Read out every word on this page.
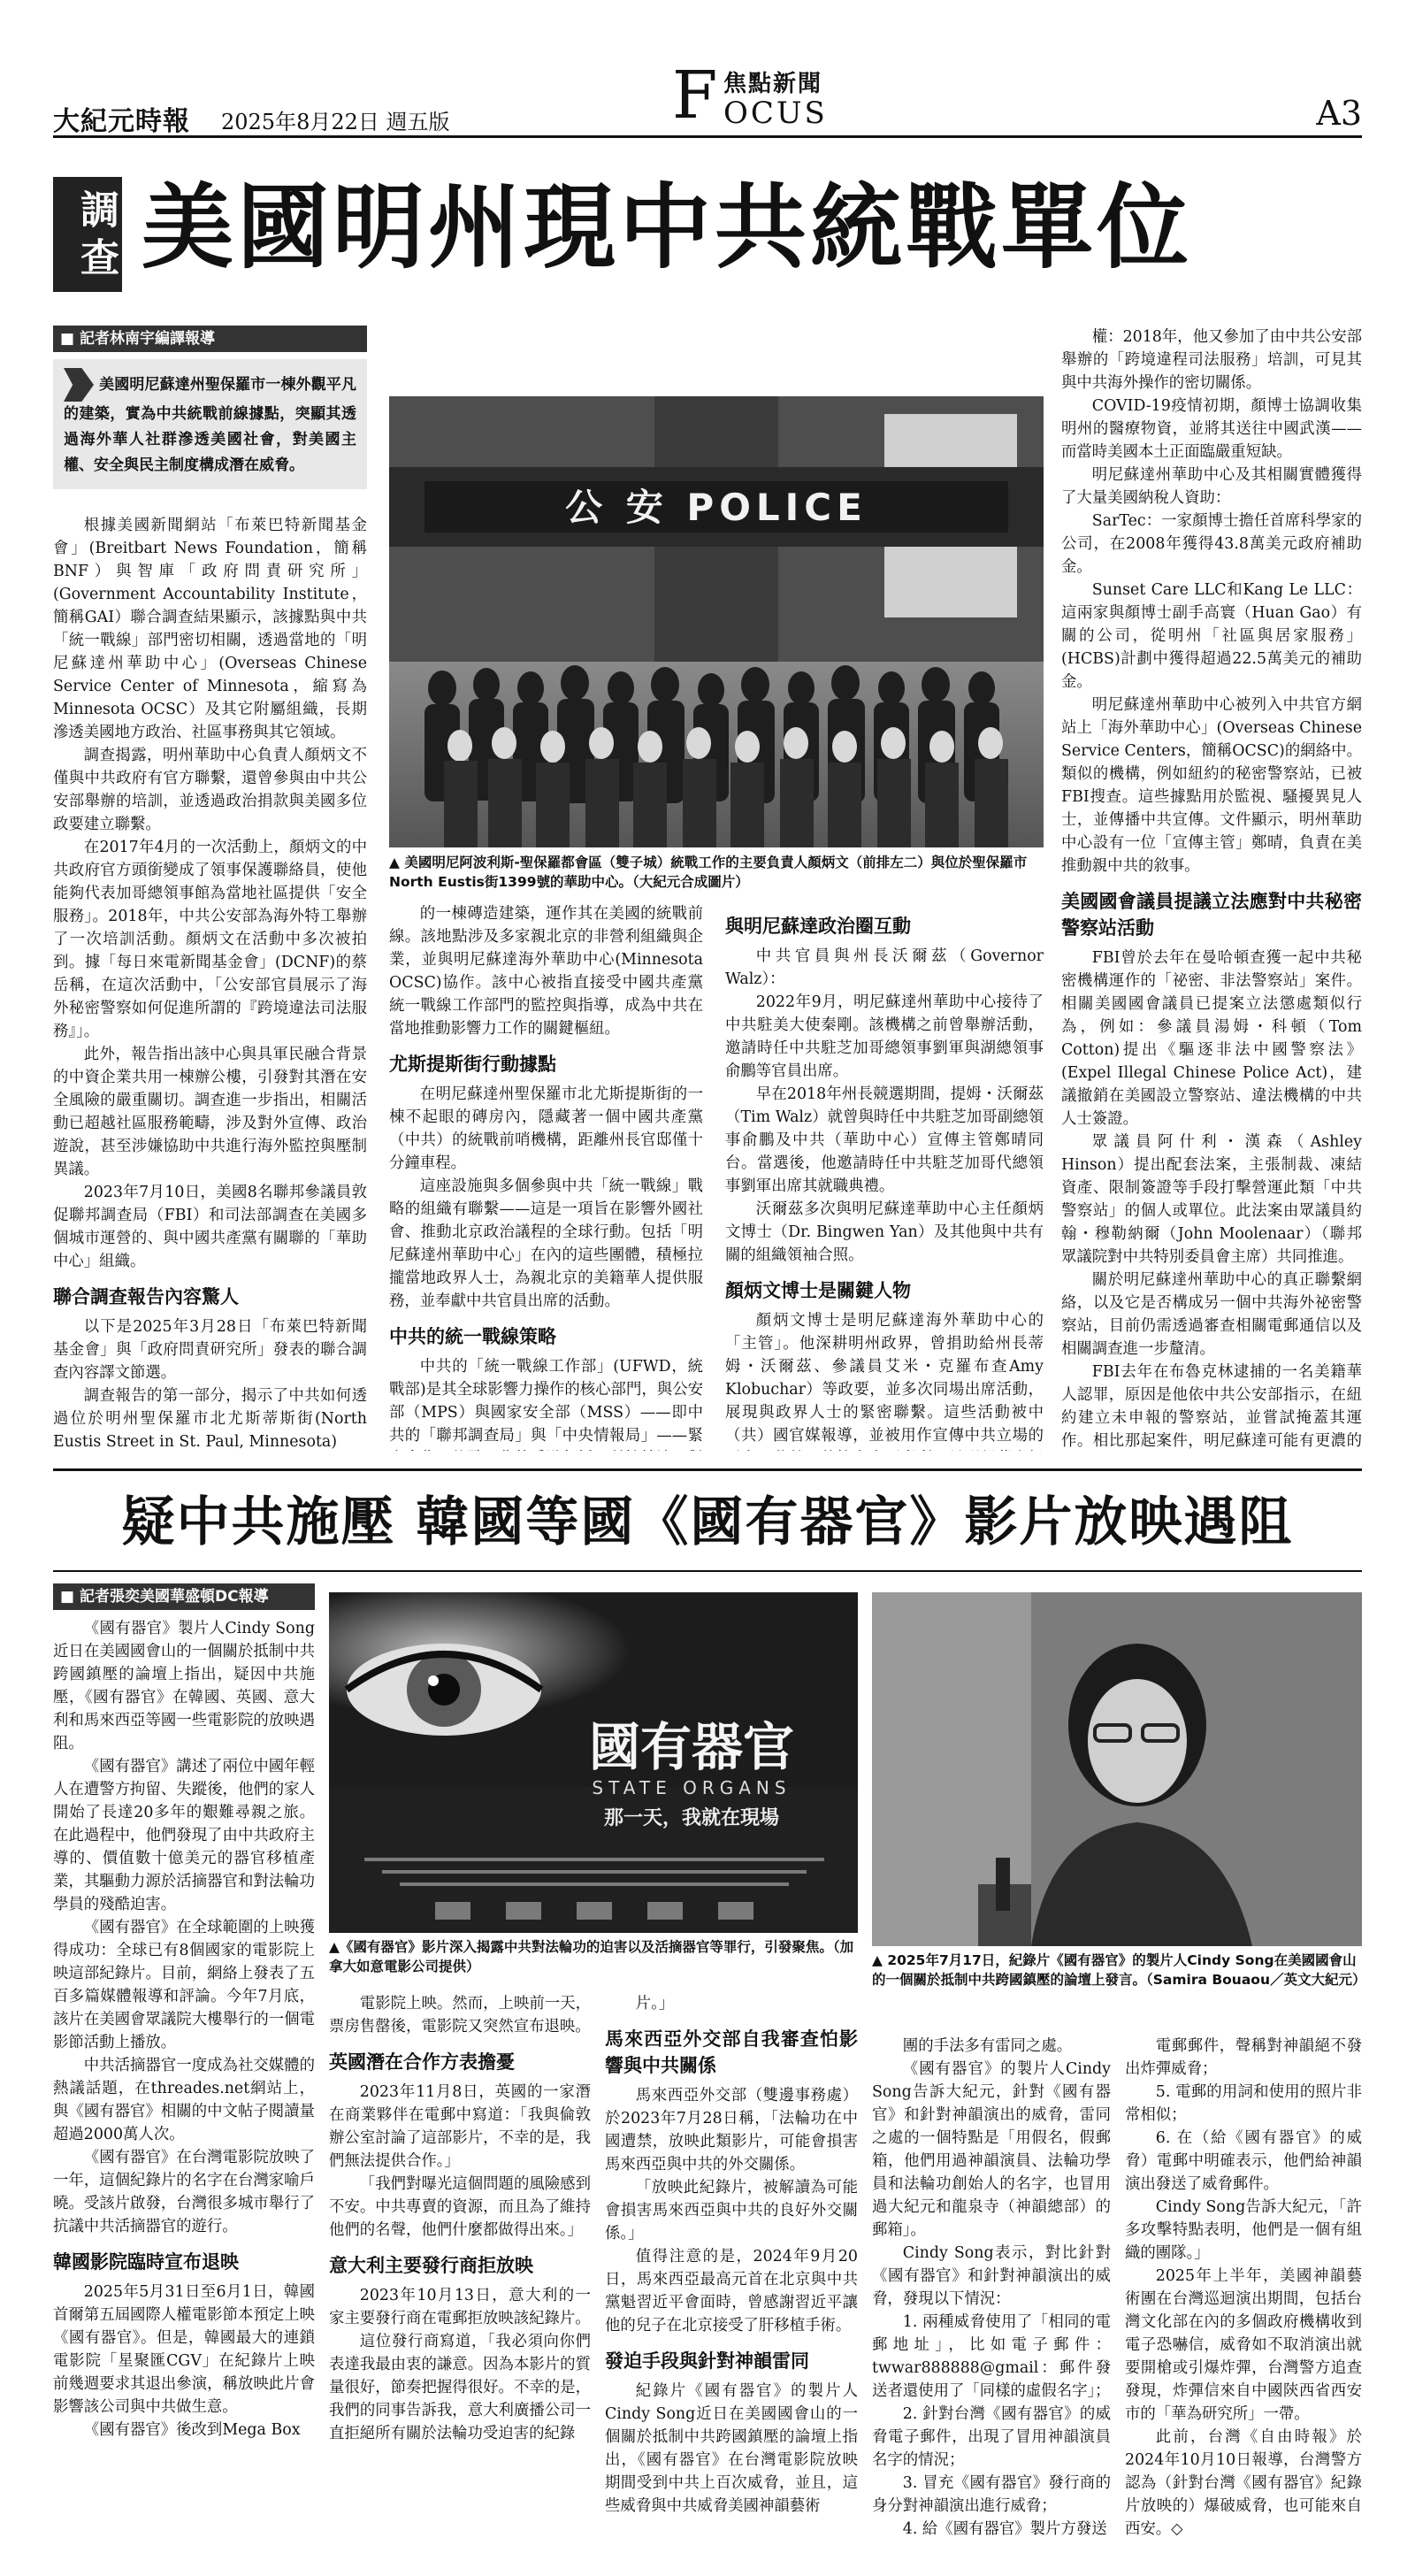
大紀元時報 2025年8月22日 週五版	F 焦點新聞
OCUS	A3
調查 美國明州現中共統戰單位
■ 記者林南宇編譯報導
美國明尼蘇達州聖保羅市一棟外觀平凡的建築，實為中共統戰前線據點，突顯其透過海外華人社群滲透美國社會，對美國主權、安全與民主制度構成潛在威脅。

根據美國新聞網站「布萊巴特新聞基金會」(Breitbart News Foundation，簡稱BNF）與智庫「政府問責研究所」(Government Accountability Institute，簡稱GAI）聯合調查結果顯示，該據點與中共「統一戰線」部門密切相關，透過當地的「明尼蘇達州華助中心」(Overseas Chinese Service Center of Minnesota，縮寫為Minnesota OCSC）及其它附屬組織，長期滲透美國地方政治、社區事務與其它領域。

調查揭露，明州華助中心負責人顏炳文不僅與中共政府有官方聯繫，還曾參與由中共公安部舉辦的培訓，並透過政治捐款與美國多位政要建立聯繫。

在2017年4月的一次活動上，顏炳文的中共政府官方頭銜變成了領事保護聯絡員，使他能夠代表加哥總領事館為當地社區提供「安全服務」。2018年，中共公安部為海外特工舉辦了一次培訓活動。顏炳文在活動中多次被拍到。據「每日來電新聞基金會」(DCNF)的蔡岳稱，在這次活動中，「公安部官員展示了海外秘密警察如何促進所謂的『跨境違法司法服務』」。

此外，報告指出該中心與具軍民融合背景的中資企業共用一棟辦公樓，引發對其潛在安全風險的嚴重關切。調查進一步指出，相關活動已超越社區服務範疇，涉及對外宣傳、政治遊說，甚至涉嫌協助中共進行海外監控與壓制異議。

2023年7月10日，美國8名聯邦參議員敦促聯邦調查局（FBI）和司法部調查在美國多個城市運營的、與中國共產黨有關聯的「華助中心」組織。

聯合調查報告內容驚人

以下是2025年3月28日「布萊巴特新聞基金會」與「政府問責研究所」發表的聯合調查內容譯文節選。

調查報告的第一部分，揭示了中共如何透過位於明州聖保羅市北尤斯蒂斯街(North Eustis Street in St. Paul, Minnesota)

公 安 POLICE
▲ 美國明尼阿波利斯-聖保羅都會區（雙子城）統戰工作的主要負責人顏炳文（前排左二）與位於聖保羅市North Eustis街1399號的華助中心。（大紀元合成圖片）

的一棟磚造建築，運作其在美國的統戰前線。該地點涉及多家親北京的非營利組織與企業，並與明尼蘇達海外華助中心(Minnesota OCSC)協作。該中心被指直接受中國共產黨統一戰線工作部門的監控與指導，成為中共在當地推動影響力工作的關鍵樞紐。

尤斯提斯街行動據點

在明尼蘇達州聖保羅市北尤斯提斯街的一棟不起眼的磚房內，隱藏著一個中國共產黨（中共）的統戰前哨機構，距離州長官邸僅十分鐘車程。

這座設施與多個參與中共「統一戰線」戰略的組織有聯繫——這是一項旨在影響外國社會、推動北京政治議程的全球行動。包括「明尼蘇達州華助中心」在內的這些團體，積極拉攏當地政界人士，為親北京的美籍華人提供服務，並奉獻中共官員出席的活動。

中共的統一戰線策略

中共的「統一戰線工作部」(UFWD，統戰部)是其全球影響力操作的核心部門，與公安部（MPS）與國家安全部（MSS）——即中共的「聯邦調查局」與「中央情報局」——緊

與明尼蘇達政治圈互動

中共官員與州長沃爾茲（Governor Walz）：

2022年9月，明尼蘇達州華助中心接待了中共駐美大使秦剛。該機構之前曾舉辦活動，邀請時任中共駐芝加哥總領事劉軍與湖總領事俞鵬等官員出席。

早在2018年州長競選期間，提姆・沃爾茲（Tim Walz）就曾與時任中共駐芝加哥副總領事俞鵬及中共（華助中心）宣傳主管鄭晴同台。當選後，他邀請時任中共駐芝加哥代總領事劉軍出席其就職典禮。

沃爾茲多次與明尼蘇達華助中心主任顏炳文博士（Dr. Bingwen Yan）及其他與中共有關的組織領袖合照。

顏炳文博士是關鍵人物

顏炳文博士是明尼蘇達海外華助中心的「主管」。他深耕明州政界，曾捐助給州長蒂姆・沃爾茲、參議員艾米・克羅布查Amy Klobuchar）等政要，並多次同場出席活動，展現與政界人士的緊密聯繫。這些活動被中（共）國官媒報導，並被用作宣傳中共立場的

權：2018年，他又參加了由中共公安部舉辦的「跨境違程司法服務」培訓，可見其與中共海外操作的密切關係。

COVID-19疫情初期，顏博士協調收集明州的醫療物資，並將其送往中國武漢——而當時美國本土正面臨嚴重短缺。

明尼蘇達州華助中心及其相關實體獲得了大量美國納稅人資助：

SarTec：一家顏博士擔任首席科學家的公司，在2008年獲得43.8萬美元政府補助金。

Sunset Care LLC和Kang Le LLC：這兩家與顏博士副手高寰（Huan Gao）有關的公司，從明州「社區與居家服務」(HCBS)計劃中獲得超過22.5萬美元的補助金。

明尼蘇達州華助中心被列入中共官方網站上「海外華助中心」(Overseas Chinese Service Centers，簡稱OCSC)的網絡中。類似的機構，例如紐約的秘密警察站，已被FBI搜查。這些據點用於監視、騷擾異見人士，並傳播中共宣傳。文件顯示，明州華助中心設有一位「宣傳主管」鄭晴，負責在美推動親中共的敘事。

美國國會議員提議立法應對中共秘密警察站活動

FBI曾於去年在曼哈頓查獲一起中共秘密機構運作的「祕密、非法警察站」案件。相關美國國會議員已提案立法懲處類似行為，例如：參議員湯姆・科頓（Tom Cotton)提出《驅逐非法中國警察法》(Expel Illegal Chinese Police Act)，建議撤銷在美國設立警察站、違法機構的中共人士簽證。

眾議員阿什利・漢森（Ashley Hinson）提出配套法案，主張制裁、凍結資產、限制簽證等手段打擊營運此類「中共警察站」的個人或單位。此法案由眾議員約翰・穆勒納爾（John Moolenaar）（聯邦眾議院對中共特別委員會主席）共同推進。

關於明尼蘇達州華助中心的真正聯繫網絡，以及它是否構成另一個中共海外祕密警察站，目前仍需透過審查相關電郵通信以及相關調查進一步釐清。

FBI去年在布魯克林逮捕的一名美籍華人認罪，原因是他依中共公安部指示，在紐約建立未申報的警察站，並嘗試掩蓋其運作。相比那起案件，明尼蘇達可能有更濃的

疑中共施壓 韓國等國《國有器官》影片放映遇阻
■ 記者張奕美國華盛頓DC報導

《國有器官》製片人Cindy Song近日在美國國會山的一個關於抵制中共跨國鎮壓的論壇上指出，疑因中共施壓，《國有器官》在韓國、英國、意大利和馬來西亞等國一些電影院的放映遇阻。

《國有器官》講述了兩位中國年輕人在遭警方拘留、失蹤後，他們的家人開始了長達20多年的艱難尋親之旅。在此過程中，他們發現了由中共政府主導的、價值數十億美元的器官移植產業，其驅動力源於活摘器官和對法輪功學員的殘酷迫害。

《國有器官》在全球範圍的上映獲得成功：全球已有8個國家的電影院上映這部紀錄片。目前，網絡上發表了五百多篇媒體報導和評論。今年7月底，該片在美國會眾議院大樓舉行的一個電影節活動上播放。

中共活摘器官一度成為社交媒體的熱議話題，在threades.net網站上，與《國有器官》相關的中文帖子閱讀量超過2000萬人次。

《國有器官》在台灣電影院放映了一年，這個紀錄片的名字在台灣家喻戶曉。受該片啟發，台灣很多城市舉行了抗議中共活摘器官的遊行。

韓國影院臨時宣布退映

2025年5月31日至6月1日，韓國首爾第五屆國際人權電影節本預定上映《國有器官》。但是，韓國最大的連鎖電影院「星聚匯CGV」在紀錄片上映前幾週要求其退出參演，稱放映此片會影響該公司與中共做生意。

《國有器官》後改到Mega Box

國有器官
STATE ORGANS
那一天，我就在現場
▲《國有器官》影片深入揭露中共對法輪功的迫害以及活摘器官等罪行，引發聚焦。（加拿大如意電影公司提供）

電影院上映。然而，上映前一天，票房售罄後，電影院又突然宣布退映。

英國潛在合作方表擔憂

2023年11月8日，英國的一家潛在商業夥伴在電郵中寫道：「我與倫敦辦公室討論了這部影片，不幸的是，我們無法提供合作。」

「我們對曝光這個問題的風險感到不安。中共專賣的資源，而且為了維持他們的名聲，他們什麼都做得出來。」

意大利主要發行商拒放映

2023年10月13日，意大利的一家主要發行商在電郵拒放映該紀錄片。

這位發行商寫道，「我必須向你們表達我最由衷的謙意。因為本影片的質量很好，節奏把握得很好。不幸的是，我們的同事告訴我，意大利廣播公司一直拒絕所有關於法輪功受迫害的紀錄

片。」

馬來西亞外交部自我審查怕影響與中共關係

馬來西亞外交部（雙邊事務處）於2023年7月28日稱，「法輪功在中國遭禁，放映此類影片，可能會損害馬來西亞與中共的外交關係。

「放映此紀錄片，被解讀為可能會損害馬來西亞與中共的良好外交關係。」

值得注意的是，2024年9月20日，馬來西亞最高元首在北京與中共黨魁習近平會面時，曾感謝習近平讓他的兒子在北京接受了肝移植手術。

發迫手段與針對神韻雷同

紀錄片《國有器官》的製片人Cindy Song近日在美國國會山的一個關於抵制中共跨國鎮壓的論壇上指出，《國有器官》在台灣電影院放映期間受到中共上百次威脅，並且，這些威脅與中共威脅美國神韻藝術

▲ 2025年7月17日，紀錄片《國有器官》的製片人Cindy Song在美國國會山的一個關於抵制中共跨國鎮壓的論壇上發言。（Samira Bouaou／英文大紀元）

團的手法多有雷同之處。

《國有器官》的製片人Cindy Song告訴大紀元，針對《國有器官》和針對神韻演出的威脅，雷同之處的一個特點是「用假名，假郵箱，他們用過神韻演員、法輪功學員和法輪功創始人的名字，也冒用過大紀元和龍泉寺（神韻總部）的郵箱」。

Cindy Song表示，對比針對《國有器官》和針對神韻演出的威脅，發現以下情況：

1. 兩種威脅使用了「相同的電郵地址」，比如電子郵件：twwar888888@gmail：郵件發送者還使用了「同樣的虛假名字」；

2. 針對台灣《國有器官》的威脅電子郵件，出現了冒用神韻演員名字的情況；

3. 冒充《國有器官》發行商的身分對神韻演出進行威脅；

4. 給《國有器官》製片方發送

電郵郵件，聲稱對神韻絕不發出炸彈威脅；

5. 電郵的用詞和使用的照片非常相似；

6. 在（給《國有器官》的威脅）電郵中明確表示，他們給神韻演出發送了威脅郵件。

Cindy Song告訴大紀元，「許多攻擊特點表明，他們是一個有組織的團隊。」

2025年上半年，美國神韻藝術團在台灣巡迴演出期間，包括台灣文化部在內的多個政府機構收到電子恐嚇信，威脅如不取消演出就要開槍或引爆炸彈，台灣警方追查發現，炸彈信來自中國陝西省西安市的「華為研究所」一帶。

此前，台灣《自由時報》於2024年10月10日報導，台灣警方認為（針對台灣《國有器官》紀錄片放映的）爆破威脅，也可能來自西安。◇
